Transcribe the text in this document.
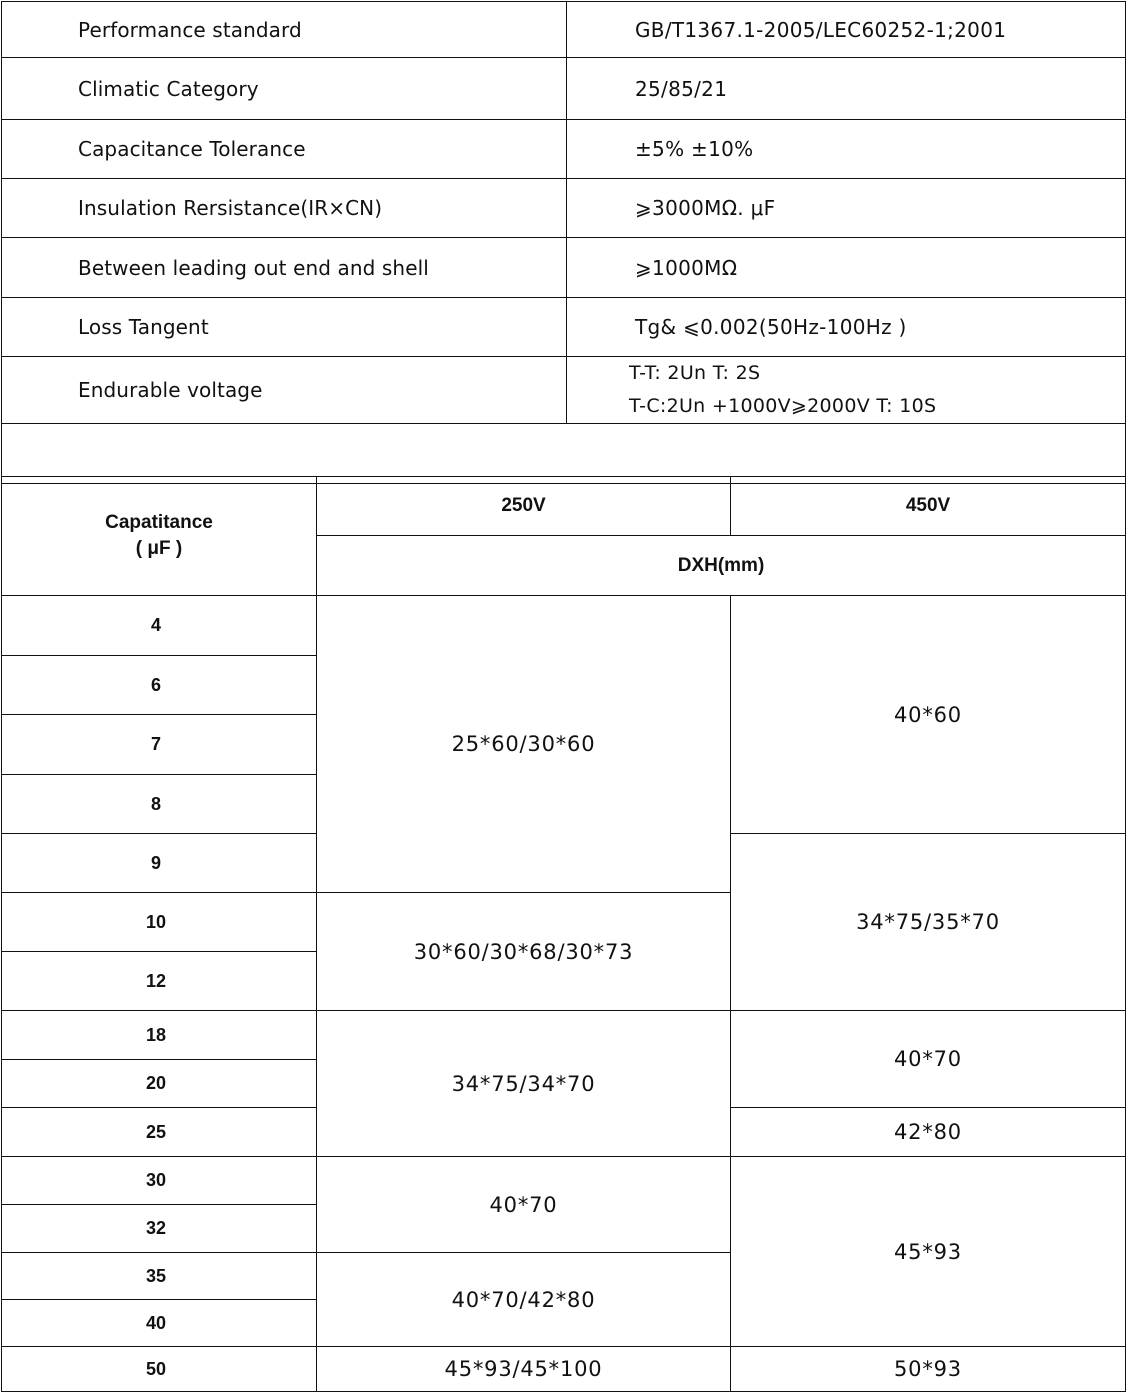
Performance standard	GB/T1367.1-2005/LEC60252-1;2001
Climatic Category	25/85/21
Capacitance Tolerance	±5% ±10%
Insulation Rersistance(IR×CN)	⩾3000MΩ. μF
Between leading out end and shell	⩾1000MΩ
Loss Tangent	Tg& ⩽0.002(50Hz-100Hz )
Endurable voltage	T-T: 2Un T: 2S
T-C:2Un +1000V⩾2000V T: 10S

Capatitance
( μF )	250V	450V
	DXH(mm)	
4	25*60/30*60	40*60
6		
7		
8		
9		34*75/35*70
10	30*60/30*68/30*73	
12		
18	34*75/34*70	40*70
20		
25		42*80
30	40*70	45*93
32		
35	40*70/42*80	
40		
50	45*93/45*100	50*93
